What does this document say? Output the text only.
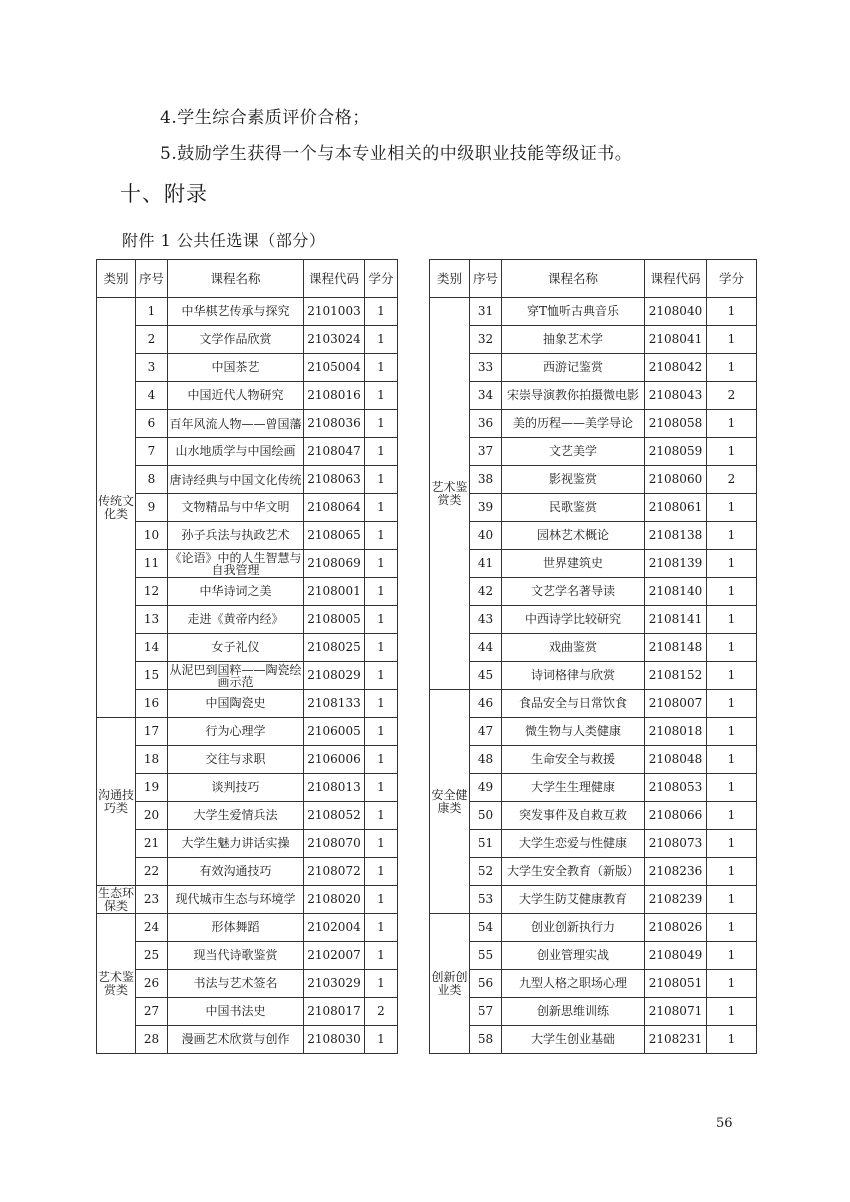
4.学生综合素质评价合格；
5.鼓励学生获得一个与本专业相关的中级职业技能等级证书。
十、附录
附件 1 公共任选课（部分）
类别	序号	课程名称	课程代码	学分		类别	序号	课程名称	课程代码	学分
传统文化类	1	中华棋艺传承与探究	2101003	1		艺术鉴赏类	31	穿T恤听古典音乐	2108040	1
	2	文学作品欣赏	2103024	1			32	抽象艺术学	2108041	1
	3	中国茶艺	2105004	1			33	西游记鉴赏	2108042	1
	4	中国近代人物研究	2108016	1			34	宋崇导演教你拍摄微电影	2108043	2
	6	百年风流人物——曾国藩	2108036	1			36	美的历程——美学导论	2108058	1
	7	山水地质学与中国绘画	2108047	1			37	文艺美学	2108059	1
	8	唐诗经典与中国文化传统	2108063	1			38	影视鉴赏	2108060	2
	9	文物精品与中华文明	2108064	1			39	民歌鉴赏	2108061	1
	10	孙子兵法与执政艺术	2108065	1			40	园林艺术概论	2108138	1
	11	《论语》中的人生智慧与自我管理	2108069	1			41	世界建筑史	2108139	1
	12	中华诗词之美	2108001	1			42	文艺学名著导读	2108140	1
	13	走进《黄帝内经》	2108005	1			43	中西诗学比较研究	2108141	1
	14	女子礼仪	2108025	1			44	戏曲鉴赏	2108148	1
	15	从泥巴到国粹——陶瓷绘画示范	2108029	1			45	诗词格律与欣赏	2108152	1
	16	中国陶瓷史	2108133	1		安全健康类	46	食品安全与日常饮食	2108007	1
沟通技巧类	17	行为心理学	2106005	1			47	微生物与人类健康	2108018	1
	18	交往与求职	2106006	1			48	生命安全与救援	2108048	1
	19	谈判技巧	2108013	1			49	大学生生理健康	2108053	1
	20	大学生爱情兵法	2108052	1			50	突发事件及自救互救	2108066	1
	21	大学生魅力讲话实操	2108070	1			51	大学生恋爱与性健康	2108073	1
	22	有效沟通技巧	2108072	1			52	大学生安全教育（新版）	2108236	1
生态环保类	23	现代城市生态与环境学	2108020	1			53	大学生防艾健康教育	2108239	1
艺术鉴赏类	24	形体舞蹈	2102004	1		创新创业类	54	创业创新执行力	2108026	1
	25	现当代诗歌鉴赏	2102007	1			55	创业管理实战	2108049	1
	26	书法与艺术签名	2103029	1			56	九型人格之职场心理	2108051	1
	27	中国书法史	2108017	2			57	创新思维训练	2108071	1
	28	漫画艺术欣赏与创作	2108030	1			58	大学生创业基础	2108231	1
56
